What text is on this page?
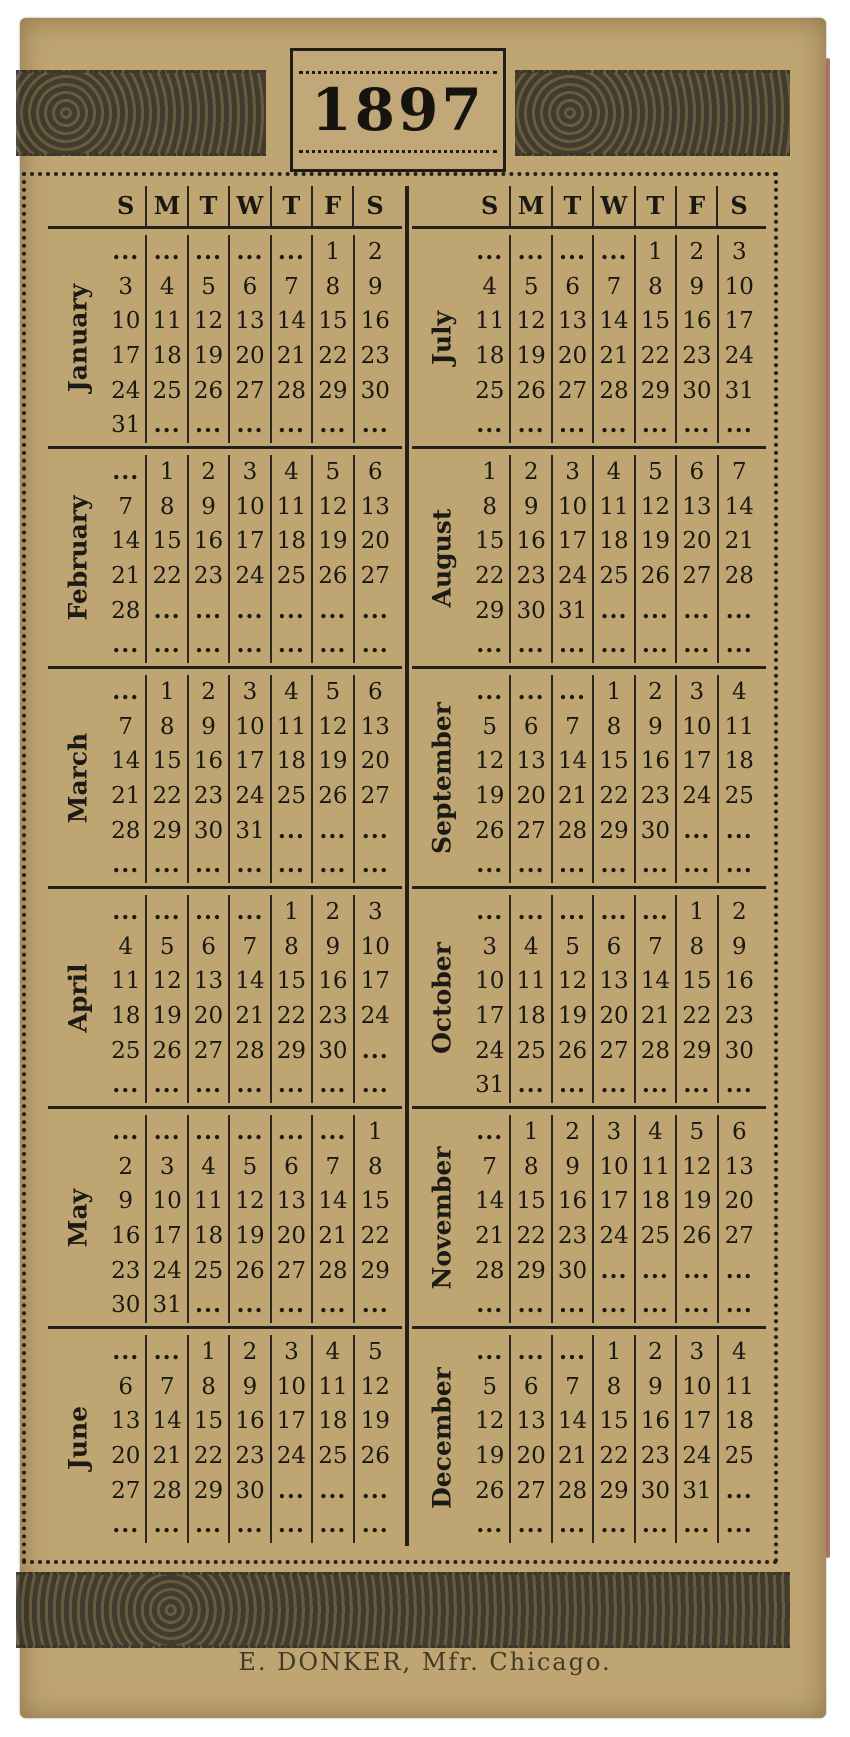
1897
S M T W T F	S
January
... ... ... ... ... 1	2
3	4	5	6	7	8	9
10 11 12 13 14 15 16
17 18 19 20 21 22 23
24 25 26 27 28 29 30
31 ... ... ... ... ... ...
February
... 1	2	3	4	5	6
7	8	9 10 11 12 13
14 15 16 17 18 19 20
21 22 23 24 25 26 27
28 ... ... ... ... ... ...
... ... ... ... ... ... ...
March
... 1	2	3	4	5	6
7	8	9 10 11 12 13
14 15 16 17 18 19 20
21 22 23 24 25 26 27
28 29 30 31 ... ... ...
... ... ... ... ... ... ...
April
... ... ... ... 1	2	3
4	5	6	7	8	9 10
11 12 13 14 15 16 17
18 19 20 21 22 23 24
25 26 27 28 29 30 ...
... ... ... ... ... ... ...
May
... ... ... ... ... ... 1
2	3	4	5	6	7	8
9 10 11 12 13 14 15
16 17 18 19 20 21 22
23 24 25 26 27 28 29
30 31 ... ... ... ... ...
June
... ... 1	2	3	4	5
6	7	8	9 10 11 12
13 14 15 16 17 18 19
20 21 22 23 24 25 26
27 28 29 30 ... ... ...
... ... ... ... ... ... ...
S M T W T F	S
July
... ... ... ... 1	2	3
4	5	6	7	8	9 10
11 12 13 14 15 16 17
18 19 20 21 22 23 24
25 26 27 28 29 30 31
... ... ... ... ... ... ...
August
1	2	3	4	5	6	7
8	9 10 11 12 13 14
15 16 17 18 19 20 21
22 23 24 25 26 27 28
29 30 31 ... ... ... ...
... ... ... ... ... ... ...
September
... ... ... 1	2	3	4
5	6	7	8	9 10 11
12 13 14 15 16 17 18
19 20 21 22 23 24 25
26 27 28 29 30 ... ...
... ... ... ... ... ... ...
October
... ... ... ... ... 1	2
3	4	5	6	7	8	9
10 11 12 13 14 15 16
17 18 19 20 21 22 23
24 25 26 27 28 29 30
31 ... ... ... ... ... ...
November
... 1	2	3	4	5	6
7	8	9 10 11 12 13
14 15 16 17 18 19 20
21 22 23 24 25 26 27
28 29 30 ... ... ... ...
... ... ... ... ... ... ...
December
... ... ... 1	2	3	4
5	6	7	8	9 10 11
12 13 14 15 16 17 18
19 20 21 22 23 24 25
26 27 28 29 30 31 ...
... ... ... ... ... ... ...
E. DONKER, Mfr. Chicago.
